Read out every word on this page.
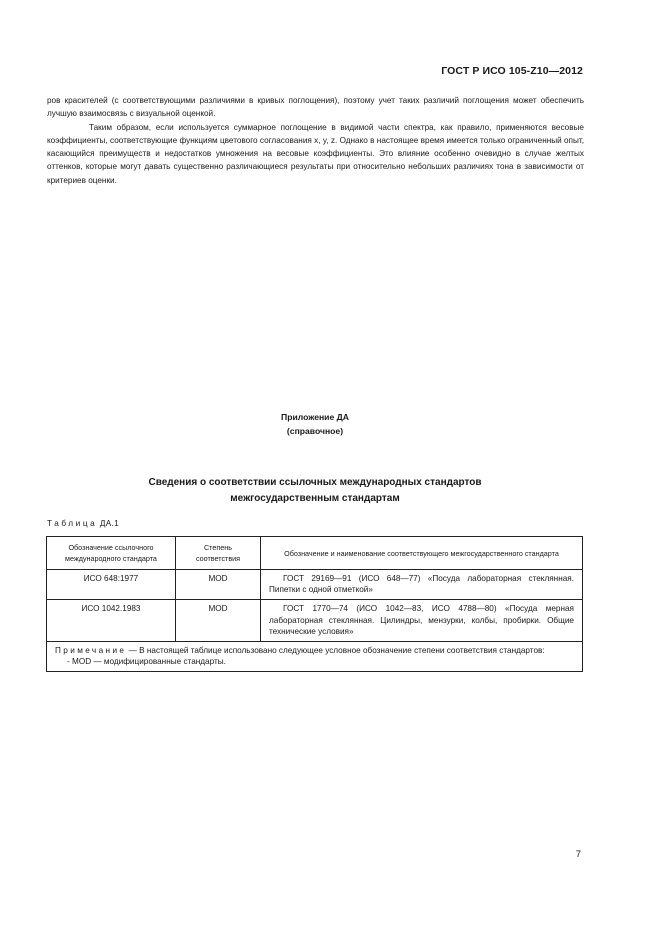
ГОСТ Р ИСО 105-Z10—2012

ров красителей (с соответствующими различиями в кривых поглощения), поэтому учет таких различий поглощения может обеспечить лучшую взаимосвязь с визуальной оценкой.

Таким образом, если используется суммарное поглощение в видимой части спектра, как правило, применяются весовые коэффициенты, соответствующие функциям цветового согласования x, y, z. Однако в настоящее время имеется только ограниченный опыт, касающийся преимуществ и недостатков умножения на весовые коэффициенты. Это влияние особенно очевидно в случае желтых оттенков, которые могут давать существенно различающиеся результаты при относительно небольших различиях тона в зависимости от критериев оценки.

Приложение ДА
(справочное)
Сведения о соответствии ссылочных международных стандартов
межгосударственным стандартам
Таблица ДА.1
Обозначение ссылочного международного стандарта	Степень соответствия	Обозначение и наименование соответствующего межгосударственного стандарта
ИСО 648:1977	MOD	ГОСТ 29169—91 (ИСО 648—77) «Посуда лабораторная стеклянная. Пипетки с одной отметкой»
ИСО 1042.1983	MOD	ГОСТ 1770—74 (ИСО 1042—83, ИСО 4788—80) «Посуда мерная лабораторная стеклянная. Цилиндры, мензурки, колбы, пробирки. Общие технические условия»
Примечание — В настоящей таблице использовано следующее условное обозначение степени соответствия стандартов:
- MOD — модифицированные стандарты.		
7
